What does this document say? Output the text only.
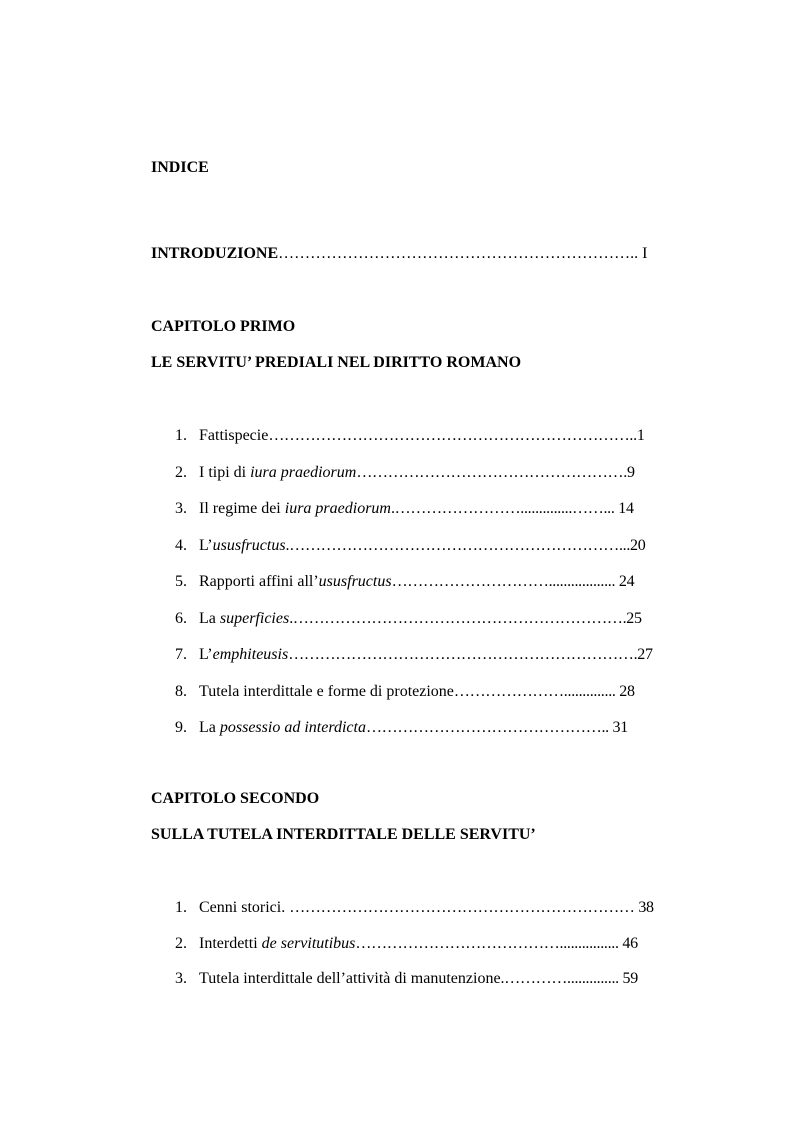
INDICE
INTRODUZIONE………………………………………………………….. I
CAPITOLO PRIMO
LE SERVITU’ PREDIALI NEL DIRITTO ROMANO
1. Fattispecie……………………………………………………………..1
2. I tipi di iura praediorum…………………………………………….9
3. Il regime dei iura praediorum.……………………..............……... 14
4. L’ususfructus.………………………………………………………...20
5. Rapporti affini all’ususfructus………………………….................. 24
6. La superficies.……………………………………………………….25
7. L’emphiteusis………………………………………………………….27
8. Tutela interdittale e forme di protezione………………….............. 28
9. La possessio ad interdicta……………………………………….. 31
CAPITOLO SECONDO
SULLA TUTELA INTERDITTALE DELLE SERVITU’
1. Cenni storici. ………………………………………………………… 38
2. Interdetti de servitutibus…………………………………................ 46
3. Tutela interdittale dell’attività di manutenzione.………….............. 59
